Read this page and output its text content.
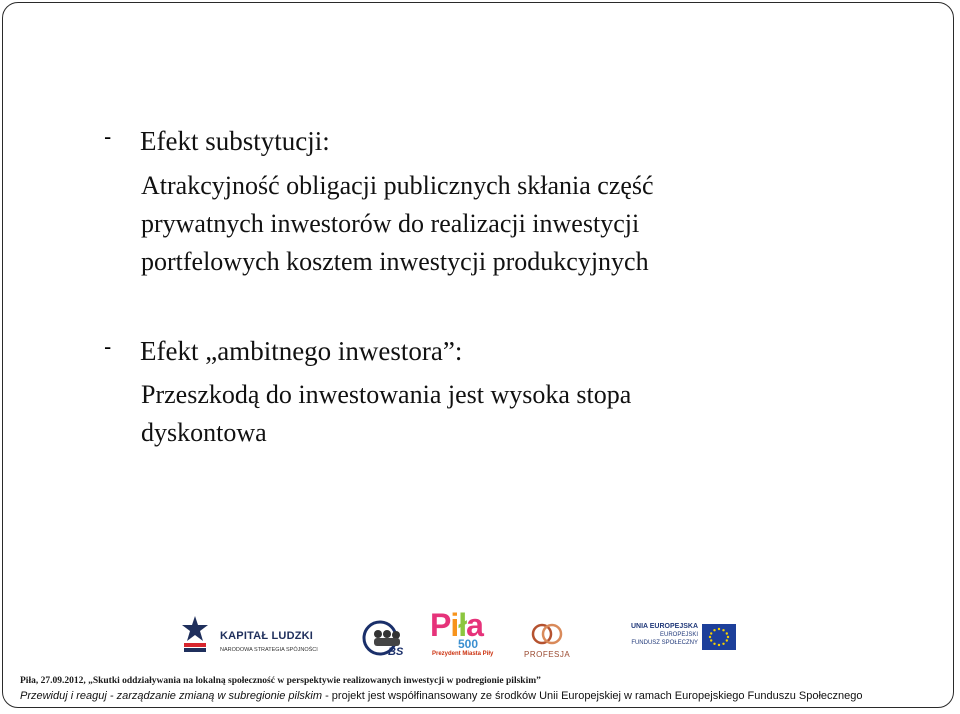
- Efekt substytucji:
Atrakcyjność obligacji publicznych skłania część
prywatnych inwestorów do realizacji inwestycji
portfelowych kosztem inwestycji produkcyjnych
- Efekt „ambitnego inwestora”:
Przeszkodą do inwestowania jest wysoka stopa
dyskontowa
KAPITAŁ LUDZKI
NARODOWA STRATEGIA SPÓJNOŚCI	BS
Piła
500
Prezydent Miasta Piły	PROFESJA
UNIA EUROPEJSKA
EUROPEJSKI
FUNDUSZ SPOŁECZNY
Piła, 27.09.2012, „Skutki oddziaływania na lokalną społeczność w perspektywie realizowanych inwestycji w podregionie pilskim”
Przewiduj i reaguj - zarządzanie zmianą w subregionie pilskim - projekt jest współfinansowany ze środków Unii Europejskiej w ramach Europejskiego Funduszu Społecznego
